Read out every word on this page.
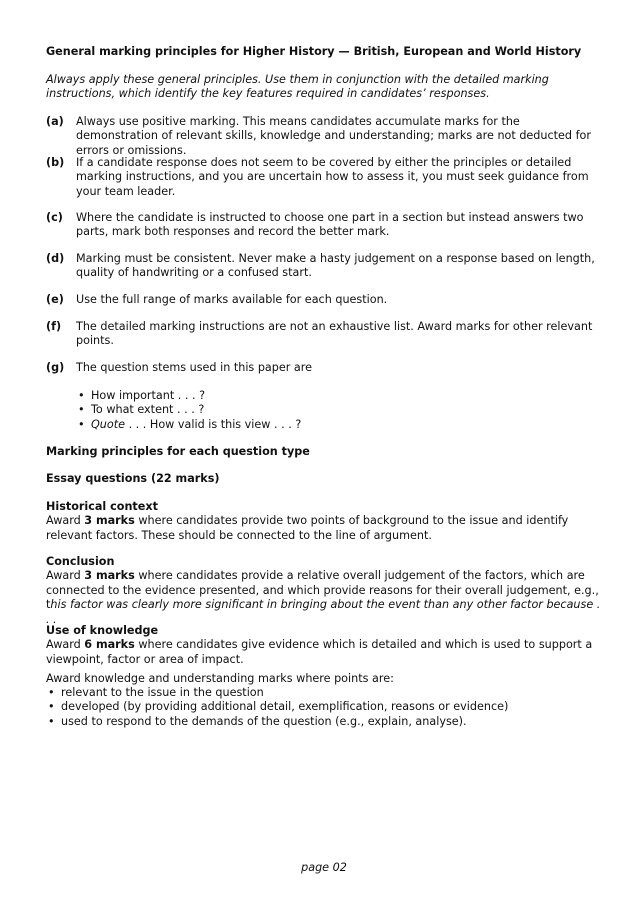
General marking principles for Higher History — British, European and World History

Always apply these general principles. Use them in conjunction with the detailed marking instructions, which identify the key features required in candidates’ responses.

(a)	Always use positive marking. This means candidates accumulate marks for the demonstration of relevant skills, knowledge and understanding; marks are not deducted for errors or omissions.
(b)	If a candidate response does not seem to be covered by either the principles or detailed marking instructions, and you are uncertain how to assess it, you must seek guidance from your team leader.
(c)	Where the candidate is instructed to choose one part in a section but instead answers two parts, mark both responses and record the better mark.
(d)	Marking must be consistent. Never make a hasty judgement on a response based on length, quality of handwriting or a confused start.
(e)	Use the full range of marks available for each question.
(f)	The detailed marking instructions are not an exhaustive list. Award marks for other relevant points.
(g)	The question stems used in this paper are
• How important . . . ?
• To what extent . . . ?
• Quote . . . How valid is this view . . . ?

Marking principles for each question type

Essay questions (22 marks)

Historical context

Award 3 marks where candidates provide two points of background to the issue and identify relevant factors. These should be connected to the line of argument.

Conclusion

Award 3 marks where candidates provide a relative overall judgement of the factors, which are connected to the evidence presented, and which provide reasons for their overall judgement, e.g., this factor was clearly more significant in bringing about the event than any other factor because . . .

Use of knowledge

Award 6 marks where candidates give evidence which is detailed and which is used to support a viewpoint, factor or area of impact.

Award knowledge and understanding marks where points are:

• relevant to the issue in the question
• developed (by providing additional detail, exemplification, reasons or evidence)
• used to respond to the demands of the question (e.g., explain, analyse).

page 02
